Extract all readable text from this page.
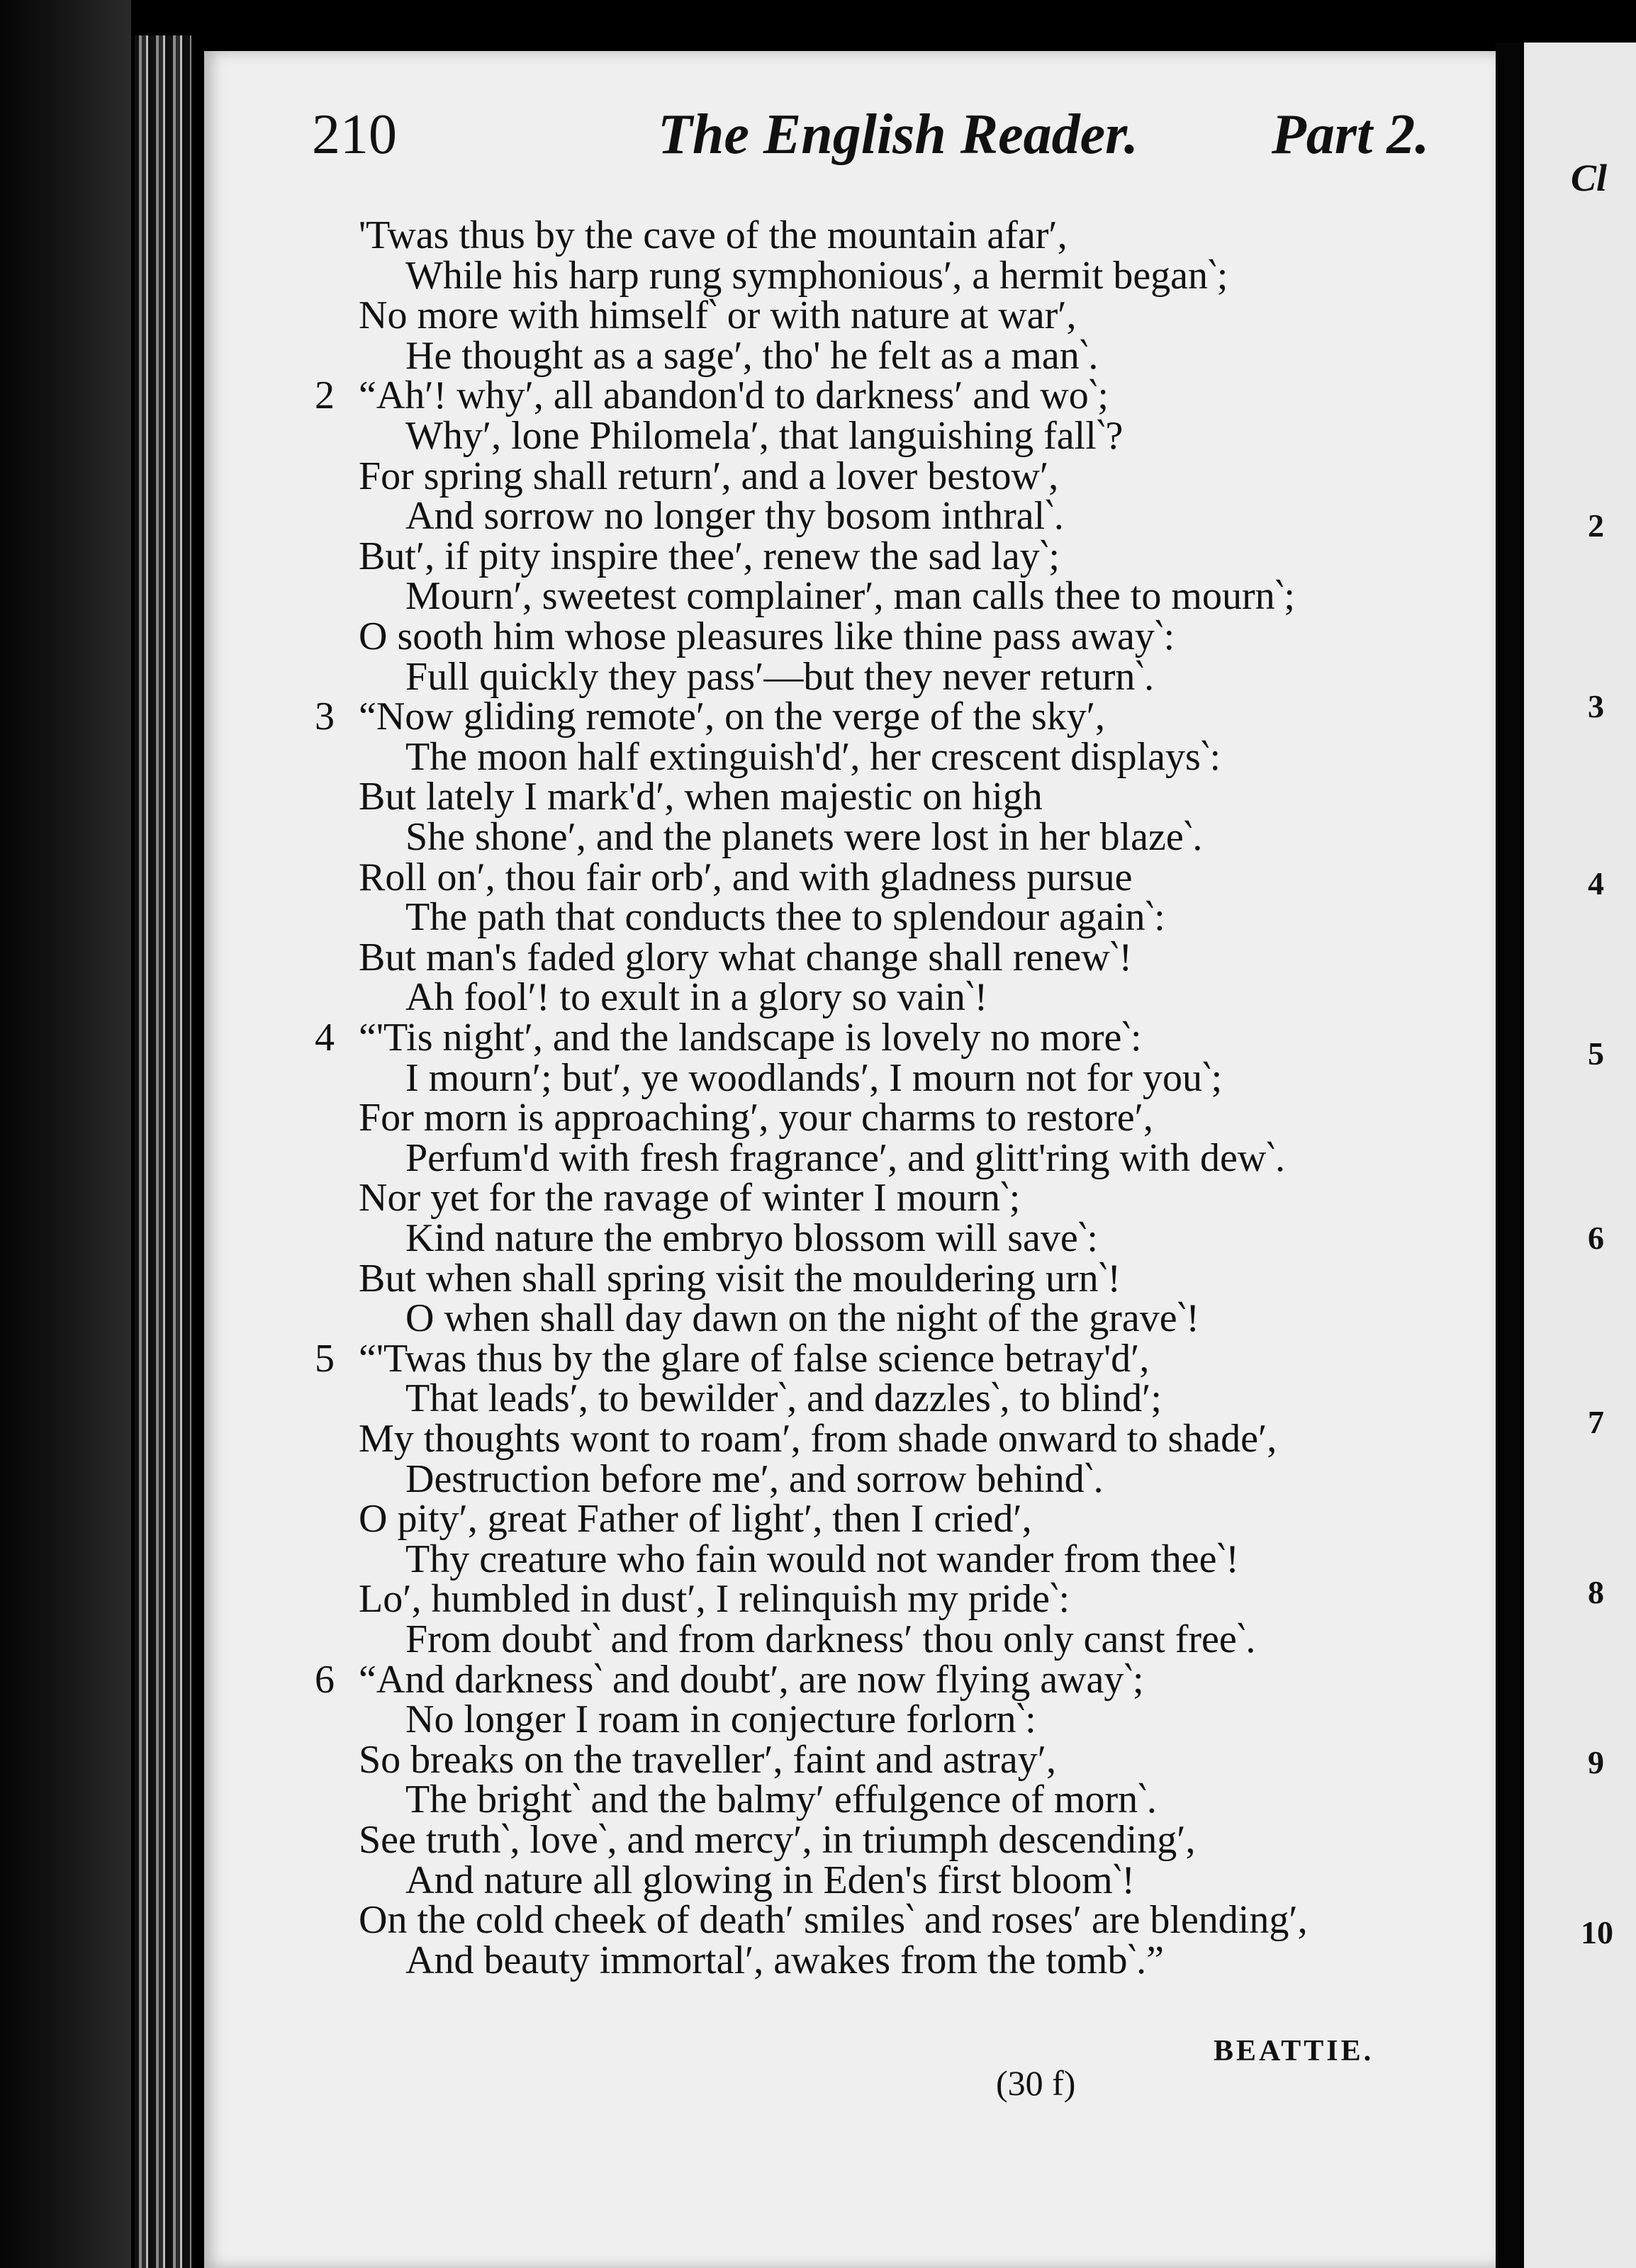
210	The English Reader. Part 2.
'Twas thus by the cave of the mountain afar′,
While his harp rung symphonious′, a hermit began‵;
No more with himself‵ or with nature at war′,
He thought as a sage′, tho' he felt as a man‵.
2 “Ah′! why′, all abandon'd to darkness′ and wo‵;
Why′, lone Philomela′, that languishing fall‵?
For spring shall return′, and a lover bestow′,
And sorrow no longer thy bosom inthral‵.
But′, if pity inspire thee′, renew the sad lay‵;
Mourn′, sweetest complainer′, man calls thee to mourn‵;
O sooth him whose pleasures like thine pass away‵:
Full quickly they pass′—but they never return‵.
3 “Now gliding remote′, on the verge of the sky′,
The moon half extinguish'd′, her crescent displays‵:
But lately I mark'd′, when majestic on high
She shone′, and the planets were lost in her blaze‵.
Roll on′, thou fair orb′, and with gladness pursue
The path that conducts thee to splendour again‵:
But man's faded glory what change shall renew‵!
Ah fool′! to exult in a glory so vain‵!
4 “'Tis night′, and the landscape is lovely no more‵:
I mourn′; but′, ye woodlands′, I mourn not for you‵;
For morn is approaching′, your charms to restore′,
Perfum'd with fresh fragrance′, and glitt'ring with dew‵.
Nor yet for the ravage of winter I mourn‵;
Kind nature the embryo blossom will save‵:
But when shall spring visit the mouldering urn‵!
O when shall day dawn on the night of the grave‵!
5 “'Twas thus by the glare of false science betray'd′,
That leads′, to bewilder‵, and dazzles‵, to blind′;
My thoughts wont to roam′, from shade onward to shade′,
Destruction before me′, and sorrow behind‵.
O pity′, great Father of light′, then I cried′,
Thy creature who fain would not wander from thee‵!
Lo′, humbled in dust′, I relinquish my pride‵:
From doubt‵ and from darkness′ thou only canst free‵.
6 “And darkness‵ and doubt′, are now flying away‵;
No longer I roam in conjecture forlorn‵:
So breaks on the traveller′, faint and astray′,
The bright‵ and the balmy′ effulgence of morn‵.
See truth‵, love‵, and mercy′, in triumph descending′,
And nature all glowing in Eden's first bloom‵!
On the cold cheek of death′ smiles‵ and roses′ are blending′,
And beauty immortal′, awakes from the tomb‵.”
BEATTIE.
(30 f)
Cl
2
3
4
5
6
7
8
9
10
